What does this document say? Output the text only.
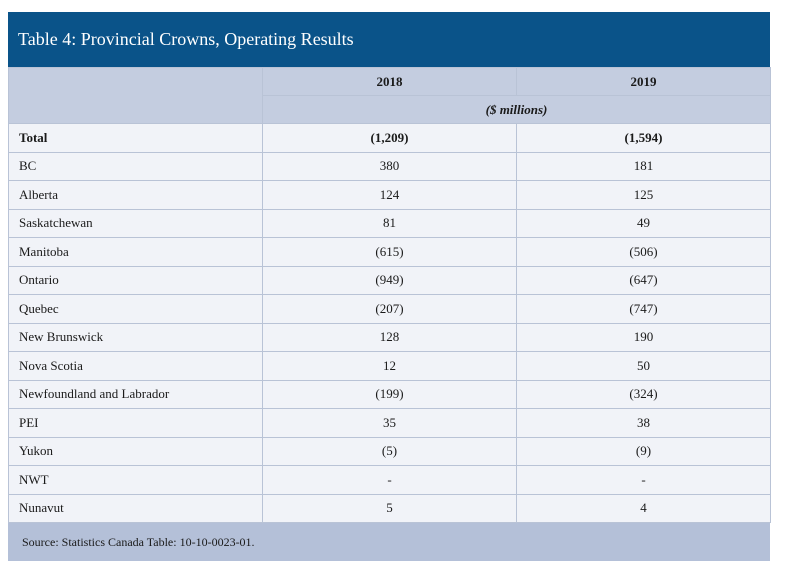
Table 4: Provincial Crowns, Operating Results
	2018	2019
	($ millions)	
Total	(1,209)	(1,594)
BC	380	181
Alberta	124	125
Saskatchewan	81	49
Manitoba	(615)	(506)
Ontario	(949)	(647)
Quebec	(207)	(747)
New Brunswick	128	190
Nova Scotia	12	50
Newfoundland and Labrador	(199)	(324)
PEI	35	38
Yukon	(5)	(9)
NWT	-	-
Nunavut	5	4
Source: Statistics Canada Table: 10-10-0023-01.
